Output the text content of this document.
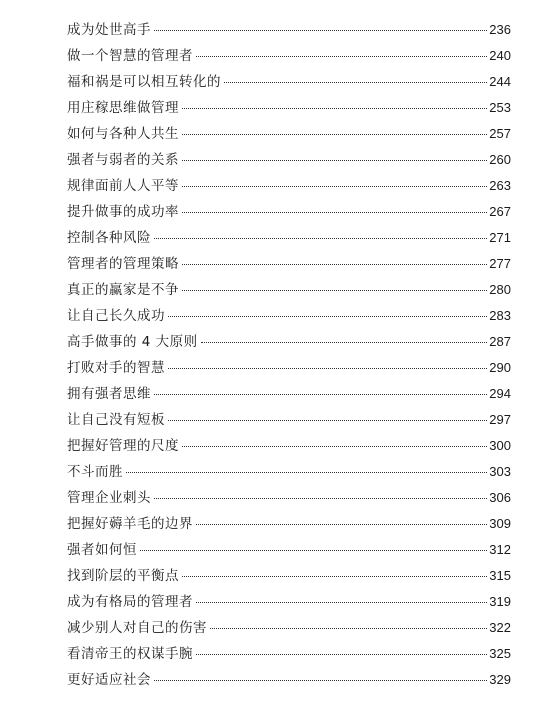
成为处世高手	236
做一个智慧的管理者	240
福和祸是可以相互转化的	244
用庄稼思维做管理	253
如何与各种人共生	257
强者与弱者的关系	260
规律面前人人平等	263
提升做事的成功率	267
控制各种风险	271
管理者的管理策略	277
真正的赢家是不争	280
让自己长久成功	283
高手做事的 4 大原则	287
打败对手的智慧	290
拥有强者思维	294
让自己没有短板	297
把握好管理的尺度	300
不斗而胜	303
管理企业刺头	306
把握好薅羊毛的边界	309
强者如何恒	312
找到阶层的平衡点	315
成为有格局的管理者	319
减少别人对自己的伤害	322
看清帝王的权谋手腕	325
更好适应社会	329
